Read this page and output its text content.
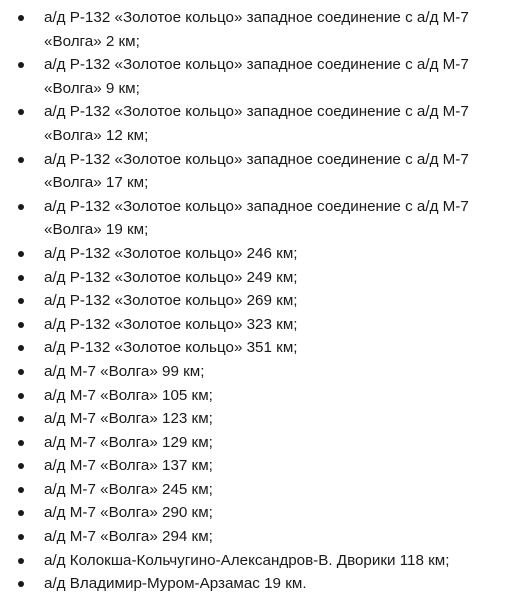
а/д Р-132 «Золотое кольцо» западное соединение с а/д М-7 «Волга» 2 км;
а/д Р-132 «Золотое кольцо» западное соединение с а/д М-7 «Волга» 9 км;
а/д Р-132 «Золотое кольцо» западное соединение с а/д М-7 «Волга» 12 км;
а/д Р-132 «Золотое кольцо» западное соединение с а/д М-7 «Волга» 17 км;
а/д Р-132 «Золотое кольцо» западное соединение с а/д М-7 «Волга» 19 км;
а/д Р-132 «Золотое кольцо» 246 км;
а/д Р-132 «Золотое кольцо» 249 км;
а/д Р-132 «Золотое кольцо» 269 км;
а/д Р-132 «Золотое кольцо» 323 км;
а/д Р-132 «Золотое кольцо» 351 км;
а/д М-7 «Волга» 99 км;
а/д М-7 «Волга» 105 км;
а/д М-7 «Волга» 123 км;
а/д М-7 «Волга» 129 км;
а/д М-7 «Волга» 137 км;
а/д М-7 «Волга» 245 км;
а/д М-7 «Волга» 290 км;
а/д М-7 «Волга» 294 км;
а/д Колокша-Кольчугино-Александров-В. Дворики 118 км;
а/д Владимир-Муром-Арзамас 19 км.
